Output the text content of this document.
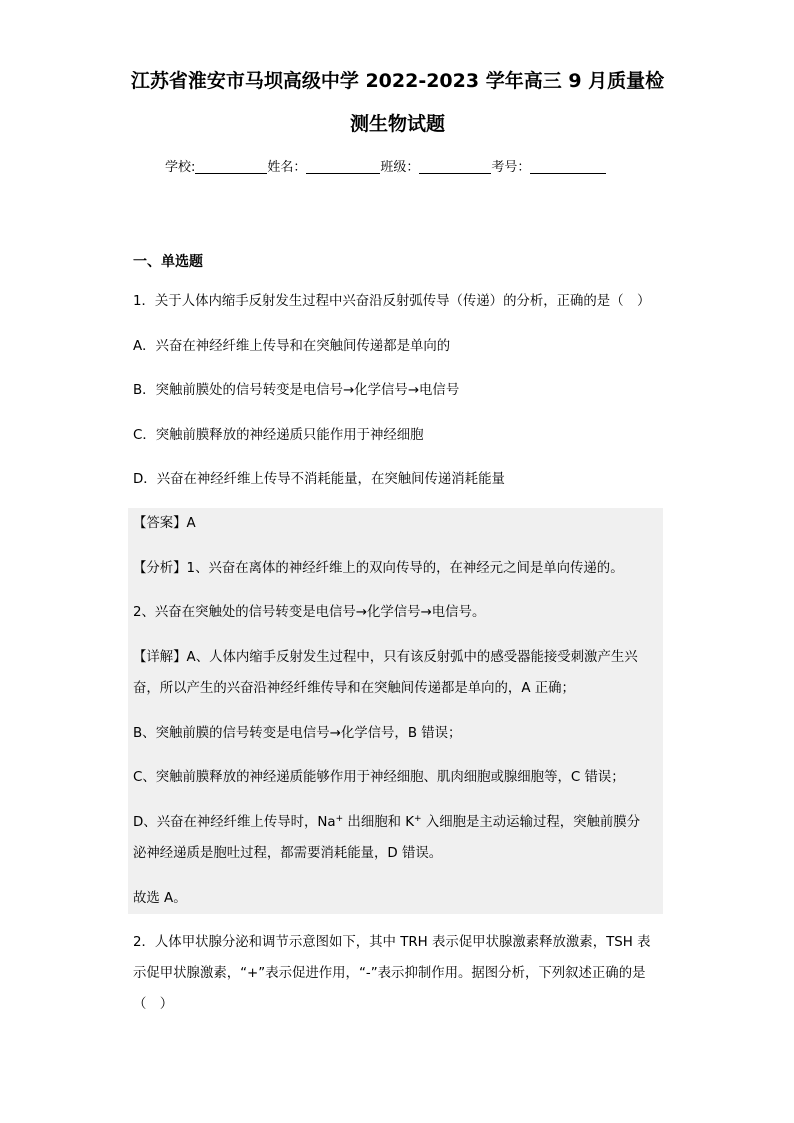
江苏省淮安市马坝高级中学 2022-2023 学年高三 9 月质量检
测生物试题
学校:	姓名：	班级：	考号：
一、单选题
1．关于人体内缩手反射发生过程中兴奋沿反射弧传导（传递）的分析，正确的是（　）
A．兴奋在神经纤维上传导和在突触间传递都是单向的
B．突触前膜处的信号转变是电信号→化学信号→电信号
C．突触前膜释放的神经递质只能作用于神经细胞
D．兴奋在神经纤维上传导不消耗能量，在突触间传递消耗能量
【答案】A
【分析】1、兴奋在离体的神经纤维上的双向传导的，在神经元之间是单向传递的。
2、兴奋在突触处的信号转变是电信号→化学信号→电信号。
【详解】A、人体内缩手反射发生过程中，只有该反射弧中的感受器能接受刺激产生兴
奋，所以产生的兴奋沿神经纤维传导和在突触间传递都是单向的，A 正确；
B、突触前膜的信号转变是电信号→化学信号，B 错误；
C、突触前膜释放的神经递质能够作用于神经细胞、肌肉细胞或腺细胞等，C 错误；
D、兴奋在神经纤维上传导时，Na+ 出细胞和 K+ 入细胞是主动运输过程，突触前膜分
泌神经递质是胞吐过程，都需要消耗能量，D 错误。
故选 A。
2．人体甲状腺分泌和调节示意图如下，其中 TRH 表示促甲状腺激素释放激素，TSH 表
示促甲状腺激素，“+”表示促进作用，“-”表示抑制作用。据图分析，下列叙述正确的是
（　）
